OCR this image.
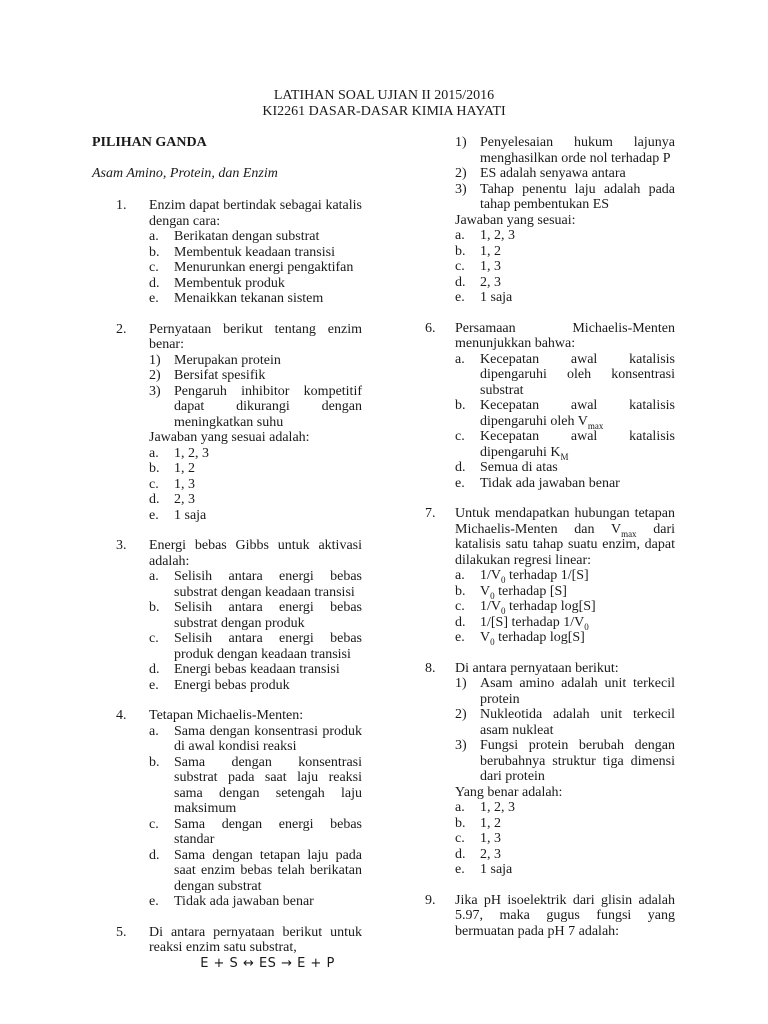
LATIHAN SOAL UJIAN II 2015/2016
KI2261 DASAR-DASAR KIMIA HAYATI
PILIHAN GANDA
Asam Amino, Protein, dan Enzim
1.	Enzim dapat bertindak sebagai katalis dengan cara:
a.	Berikatan dengan substrat
b.	Membentuk keadaan transisi
c.	Menurunkan energi pengaktifan
d.	Membentuk produk
e.	Menaikkan tekanan sistem
2.	Pernyataan berikut tentang enzim benar:
1) Merupakan protein
2) Bersifat spesifik
3) Pengaruh inhibitor kompetitif dapat dikurangi dengan meningkatkan suhu
Jawaban yang sesuai adalah:
a.	1, 2, 3
b.	1, 2
c.	1, 3
d.	2, 3
e.	1 saja
3.	Energi bebas Gibbs untuk aktivasi adalah:
a.	Selisih antara energi bebas substrat dengan keadaan transisi
b.	Selisih antara energi bebas substrat dengan produk
c.	Selisih antara energi bebas produk dengan keadaan transisi
d.	Energi bebas keadaan transisi
e.	Energi bebas produk
4.	Tetapan Michaelis-Menten:
a.	Sama dengan konsentrasi produk di awal kondisi reaksi
b.	Sama dengan konsentrasi substrat pada saat laju reaksi sama dengan setengah laju maksimum
c.	Sama dengan energi bebas standar
d.	Sama dengan tetapan laju pada saat enzim bebas telah berikatan dengan substrat
e.	Tidak ada jawaban benar
5.	Di antara pernyataan berikut untuk reaksi enzim satu substrat,
E + S ↔ ES → E + P
1) Penyelesaian hukum lajunya menghasilkan orde nol terhadap P
2) ES adalah senyawa antara
3) Tahap penentu laju adalah pada tahap pembentukan ES
Jawaban yang sesuai:
a.	1, 2, 3
b.	1, 2
c.	1, 3
d.	2, 3
e.	1 saja
6.	Persamaan Michaelis-Menten menunjukkan bahwa:
a.	Kecepatan awal katalisis dipengaruhi oleh konsentrasi substrat
b.	Kecepatan awal katalisis dipengaruhi oleh $V_{max}$
c.	Kecepatan awal katalisis dipengaruhi $K_M$
d.	Semua di atas
e.	Tidak ada jawaban benar
7.	Untuk mendapatkan hubungan tetapan Michaelis-Menten dan $V_{max}$ dari katalisis satu tahap suatu enzim, dapat dilakukan regresi linear:
a.	$1/V_0$ terhadap 1/[S]
b.	$V_0$ terhadap [S]
c.	$1/V_0$ terhadap log[S]
d.	1/[S] terhadap $1/V_0$
e.	$V_0$ terhadap log[S]
8.	Di antara pernyataan berikut:
1) Asam amino adalah unit terkecil protein
2) Nukleotida adalah unit terkecil asam nukleat
3) Fungsi protein berubah dengan berubahnya struktur tiga dimensi dari protein
Yang benar adalah:
a.	1, 2, 3
b.	1, 2
c.	1, 3
d.	2, 3
e.	1 saja
9.	Jika pH isoelektrik dari glisin adalah 5.97, maka gugus fungsi yang bermuatan pada pH 7 adalah:
